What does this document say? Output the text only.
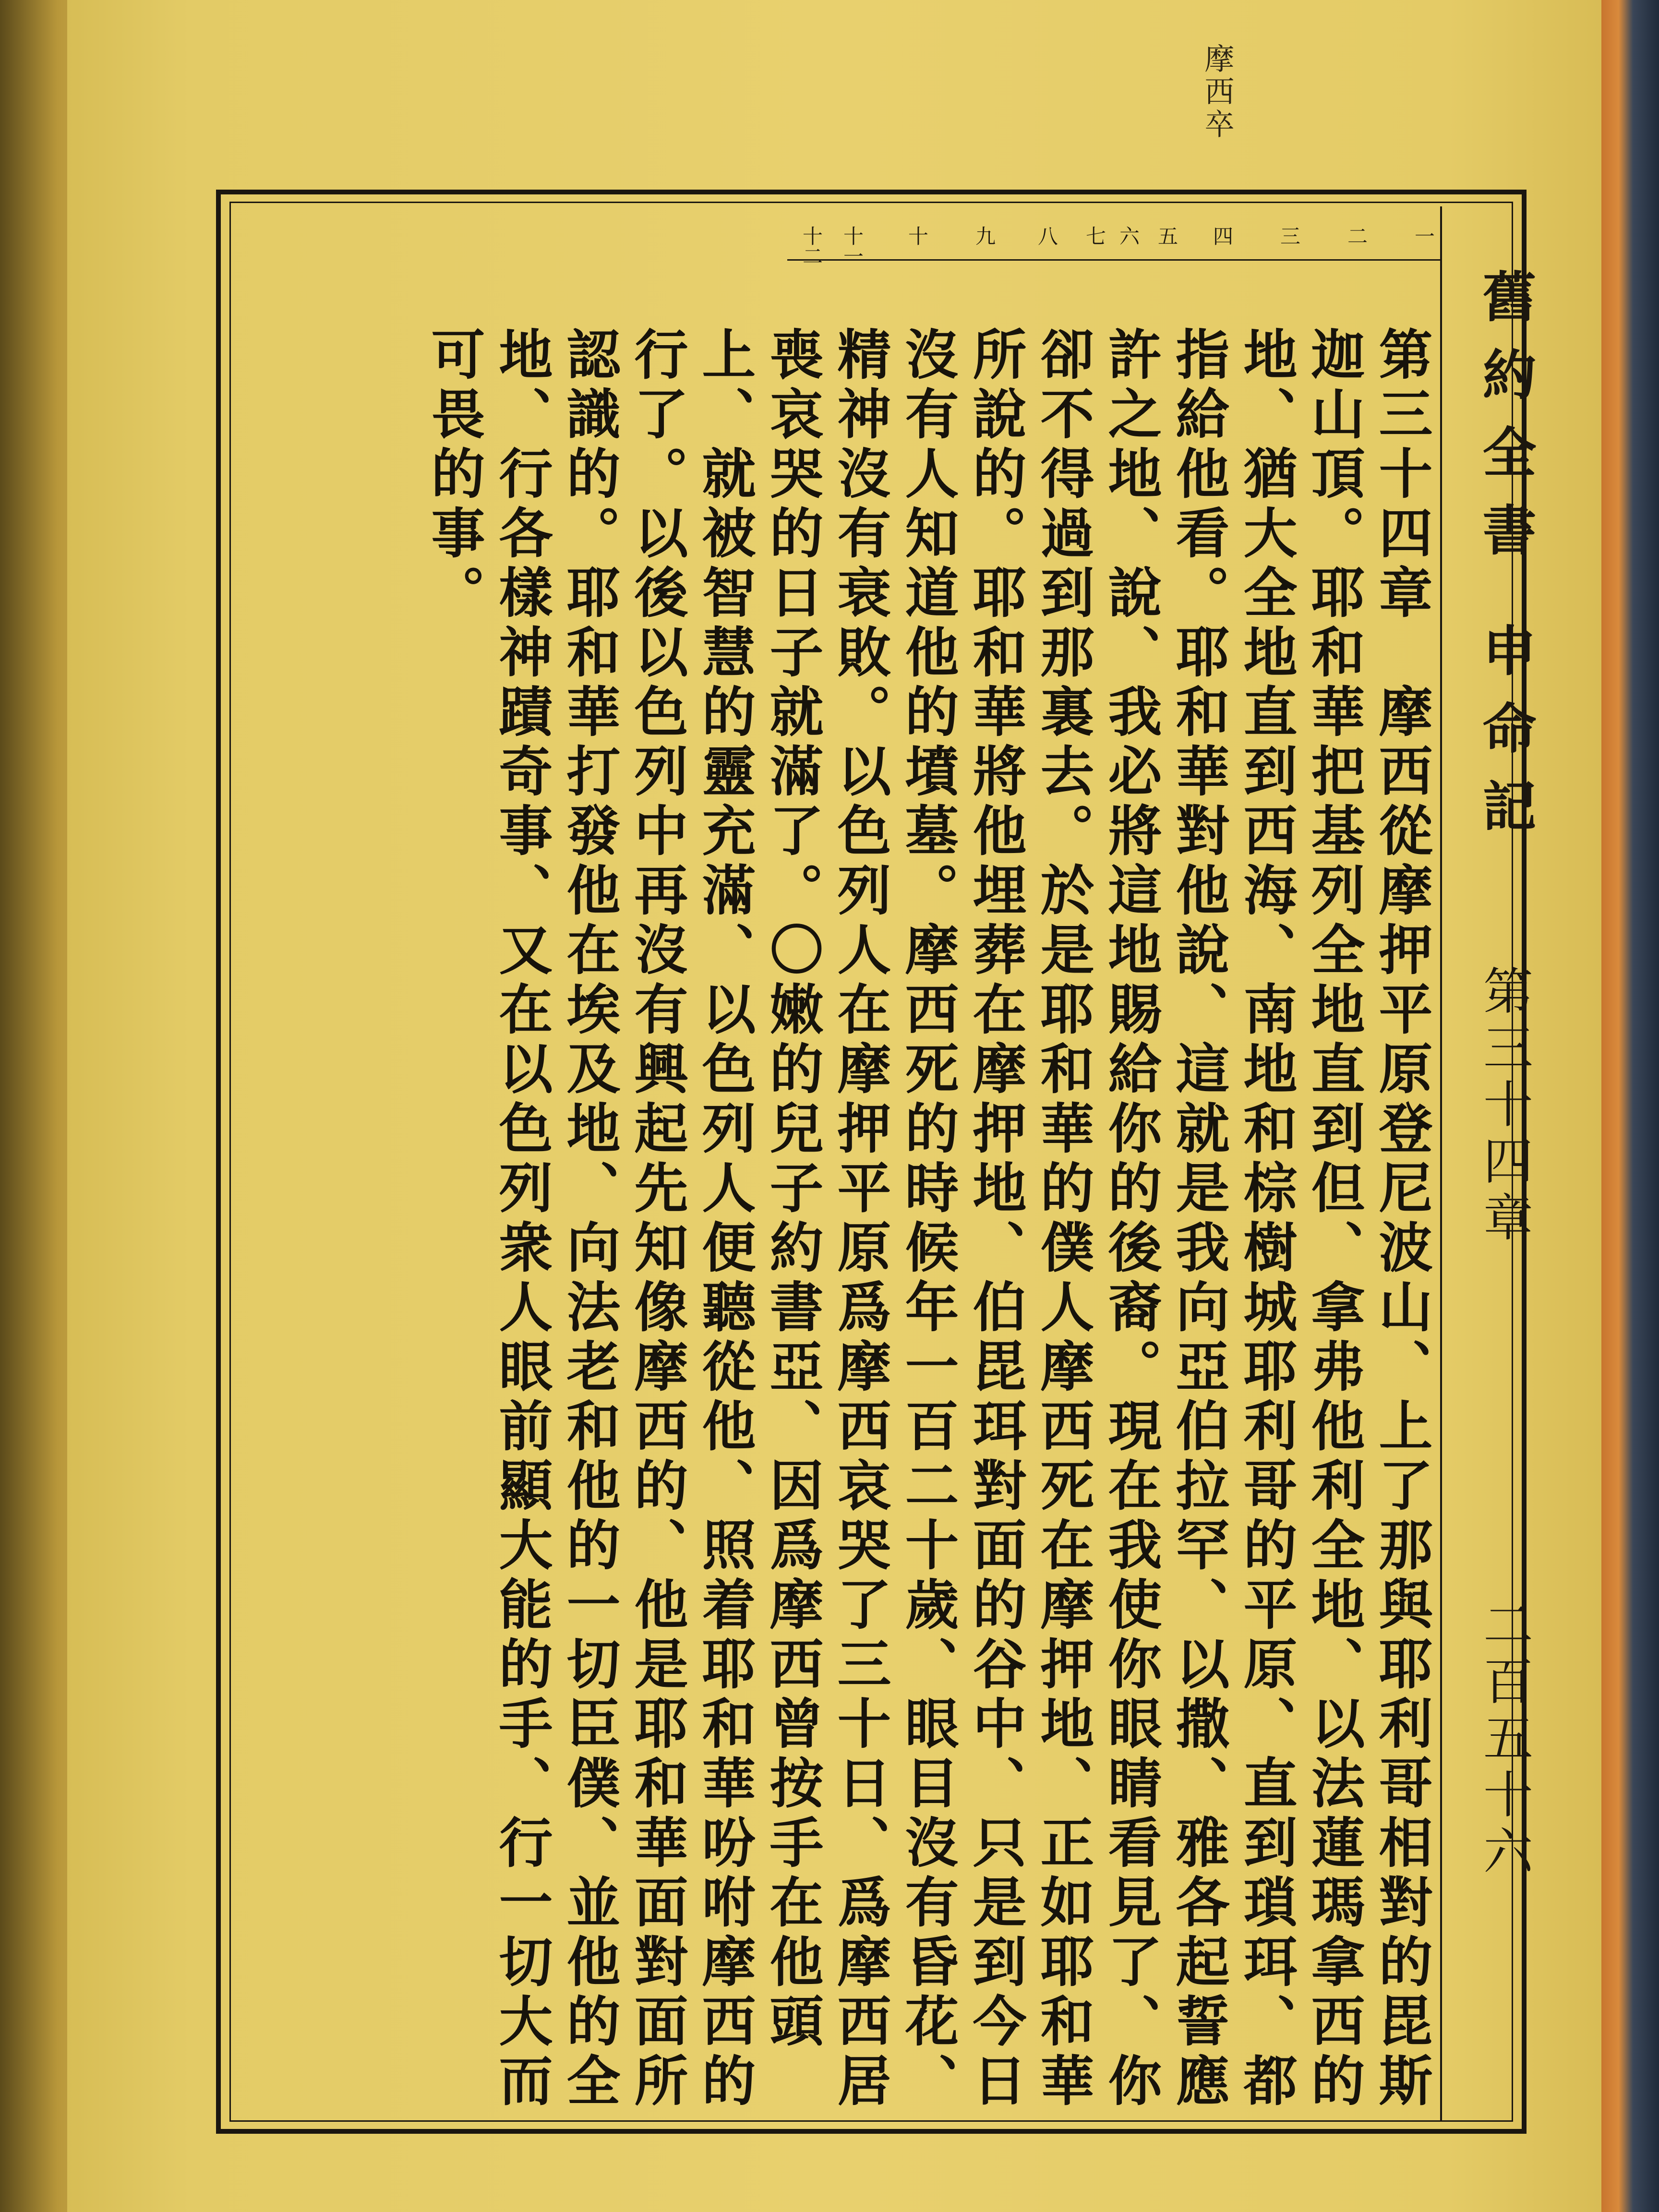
摩西卒
舊約全書 申命記
第三十四章
二百五十六
一
二
三
四
五
六
七
八
九
十
十一
十二

第三十四章　摩西從摩押平原登尼波山、上了那與耶利哥相對的毘斯迦山頂。耶和華把基列全地直到但、拿弗他利全地、以法蓮瑪拿西的地、猶大全地直到西海、南地和棕樹城耶利哥的平原、直到瑣珥、都指給他看。耶和華對他說、這就是我向亞伯拉罕、以撒、雅各起誓應許之地、說、我必將這地賜給你的後裔。現在我使你眼睛看見了、你卻不得過到那裏去。於是耶和華的僕人摩西死在摩押地、正如耶和華所說的。耶和華將他埋葬在摩押地、伯毘珥對面的谷中、只是到今日沒有人知道他的墳墓。摩西死的時候年一百二十歲、眼目沒有昏花、精神沒有衰敗。以色列人在摩押平原爲摩西哀哭了三十日、爲摩西居喪哀哭的日子就滿了。〇嫩的兒子約書亞、因爲摩西曾按手在他頭上、就被智慧的靈充滿、以色列人便聽從他、照着耶和華吩咐摩西的行了。以後以色列中再沒有興起先知像摩西的、他是耶和華面對面所認識的。耶和華打發他在埃及地、向法老和他的一切臣僕、並他的全地、行各樣神蹟奇事、又在以色列衆人眼前顯大能的手、行一切大而可畏的事。
